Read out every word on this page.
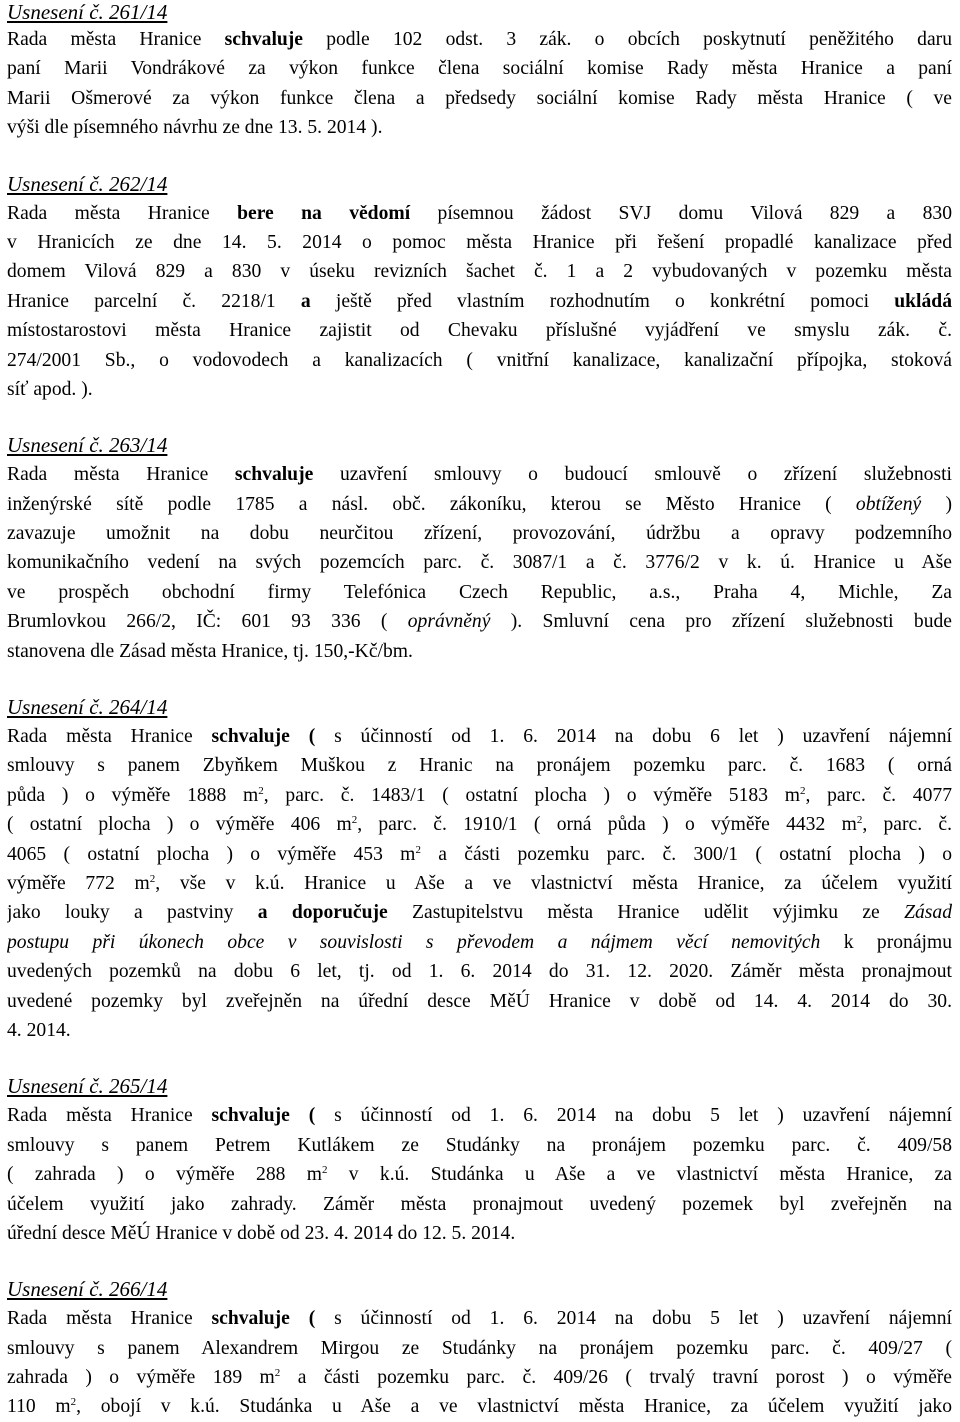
Usnesení č. 261/14
Rada města Hranice schvaluje podle 102 odst. 3 zák. o obcích poskytnutí peněžitého daru
paní Marii Vondrákové za výkon funkce člena sociální komise Rady města Hranice a paní
Marii Ošmerové za výkon funkce člena a předsedy sociální komise Rady města Hranice ( ve
výši dle písemného návrhu ze dne 13. 5. 2014 ).
Usnesení č. 262/14
Rada města Hranice bere na vědomí písemnou žádost SVJ domu Vilová 829 a 830
v Hranicích ze dne 14. 5. 2014 o pomoc města Hranice při řešení propadlé kanalizace před
domem Vilová 829 a 830 v úseku revizních šachet č. 1 a 2 vybudovaných v pozemku města
Hranice parcelní č. 2218/1 a ještě před vlastním rozhodnutím o konkrétní pomoci ukládá
místostarostovi města Hranice zajistit od Chevaku příslušné vyjádření ve smyslu zák. č.
274/2001 Sb., o vodovodech a kanalizacích ( vnitřní kanalizace, kanalizační přípojka, stoková
síť apod. ).
Usnesení č. 263/14
Rada města Hranice schvaluje uzavření smlouvy o budoucí smlouvě o zřízení služebnosti
inženýrské sítě podle 1785 a násl. obč. zákoníku, kterou se Město Hranice ( obtížený )
zavazuje umožnit na dobu neurčitou zřízení, provozování, údržbu a opravy podzemního
komunikačního vedení na svých pozemcích parc. č. 3087/1 a č. 3776/2 v k. ú. Hranice u Aše
ve prospěch obchodní firmy Telefónica Czech Republic, a.s., Praha 4, Michle, Za
Brumlovkou 266/2, IČ: 601 93 336 ( oprávněný ). Smluvní cena pro zřízení služebnosti bude
stanovena dle Zásad města Hranice, tj. 150,-Kč/bm.
Usnesení č. 264/14
Rada města Hranice schvaluje ( s účinností od 1. 6. 2014 na dobu 6 let ) uzavření nájemní
smlouvy s panem Zbyňkem Muškou z Hranic na pronájem pozemku parc. č. 1683 ( orná
půda ) o výměře 1888 $m^2$, parc. č. 1483/1 ( ostatní plocha ) o výměře 5183 $m^2$, parc. č. 4077
( ostatní plocha ) o výměře 406 $m^2$, parc. č. 1910/1 ( orná půda ) o výměře 4432 $m^2$, parc. č.
4065 ( ostatní plocha ) o výměře 453 $m^2$ a části pozemku parc. č. 300/1 ( ostatní plocha ) o
výměře 772 $m^2$, vše v k.ú. Hranice u Aše a ve vlastnictví města Hranice, za účelem využití
jako louky a pastviny a doporučuje Zastupitelstvu města Hranice udělit výjimku ze Zásad
postupu při úkonech obce v souvislosti s převodem a nájmem věcí nemovitých k pronájmu
uvedených pozemků na dobu 6 let, tj. od 1. 6. 2014 do 31. 12. 2020. Záměr města pronajmout
uvedené pozemky byl zveřejněn na úřední desce MěÚ Hranice v době od 14. 4. 2014 do 30.
4. 2014.
Usnesení č. 265/14
Rada města Hranice schvaluje ( s účinností od 1. 6. 2014 na dobu 5 let ) uzavření nájemní
smlouvy s panem Petrem Kutlákem ze Studánky na pronájem pozemku parc. č. 409/58
( zahrada ) o výměře 288 $m^2$ v k.ú. Studánka u Aše a ve vlastnictví města Hranice, za
účelem využití jako zahrady. Záměr města pronajmout uvedený pozemek byl zveřejněn na
úřední desce MěÚ Hranice v době od 23. 4. 2014 do 12. 5. 2014.
Usnesení č. 266/14
Rada města Hranice schvaluje ( s účinností od 1. 6. 2014 na dobu 5 let ) uzavření nájemní
smlouvy s panem Alexandrem Mirgou ze Studánky na pronájem pozemku parc. č. 409/27 (
zahrada ) o výměře 189 $m^2$ a části pozemku parc. č. 409/26 ( trvalý travní porost ) o výměře
110 $m^2$, obojí v k.ú. Studánka u Aše a ve vlastnictví města Hranice, za účelem využití jako
